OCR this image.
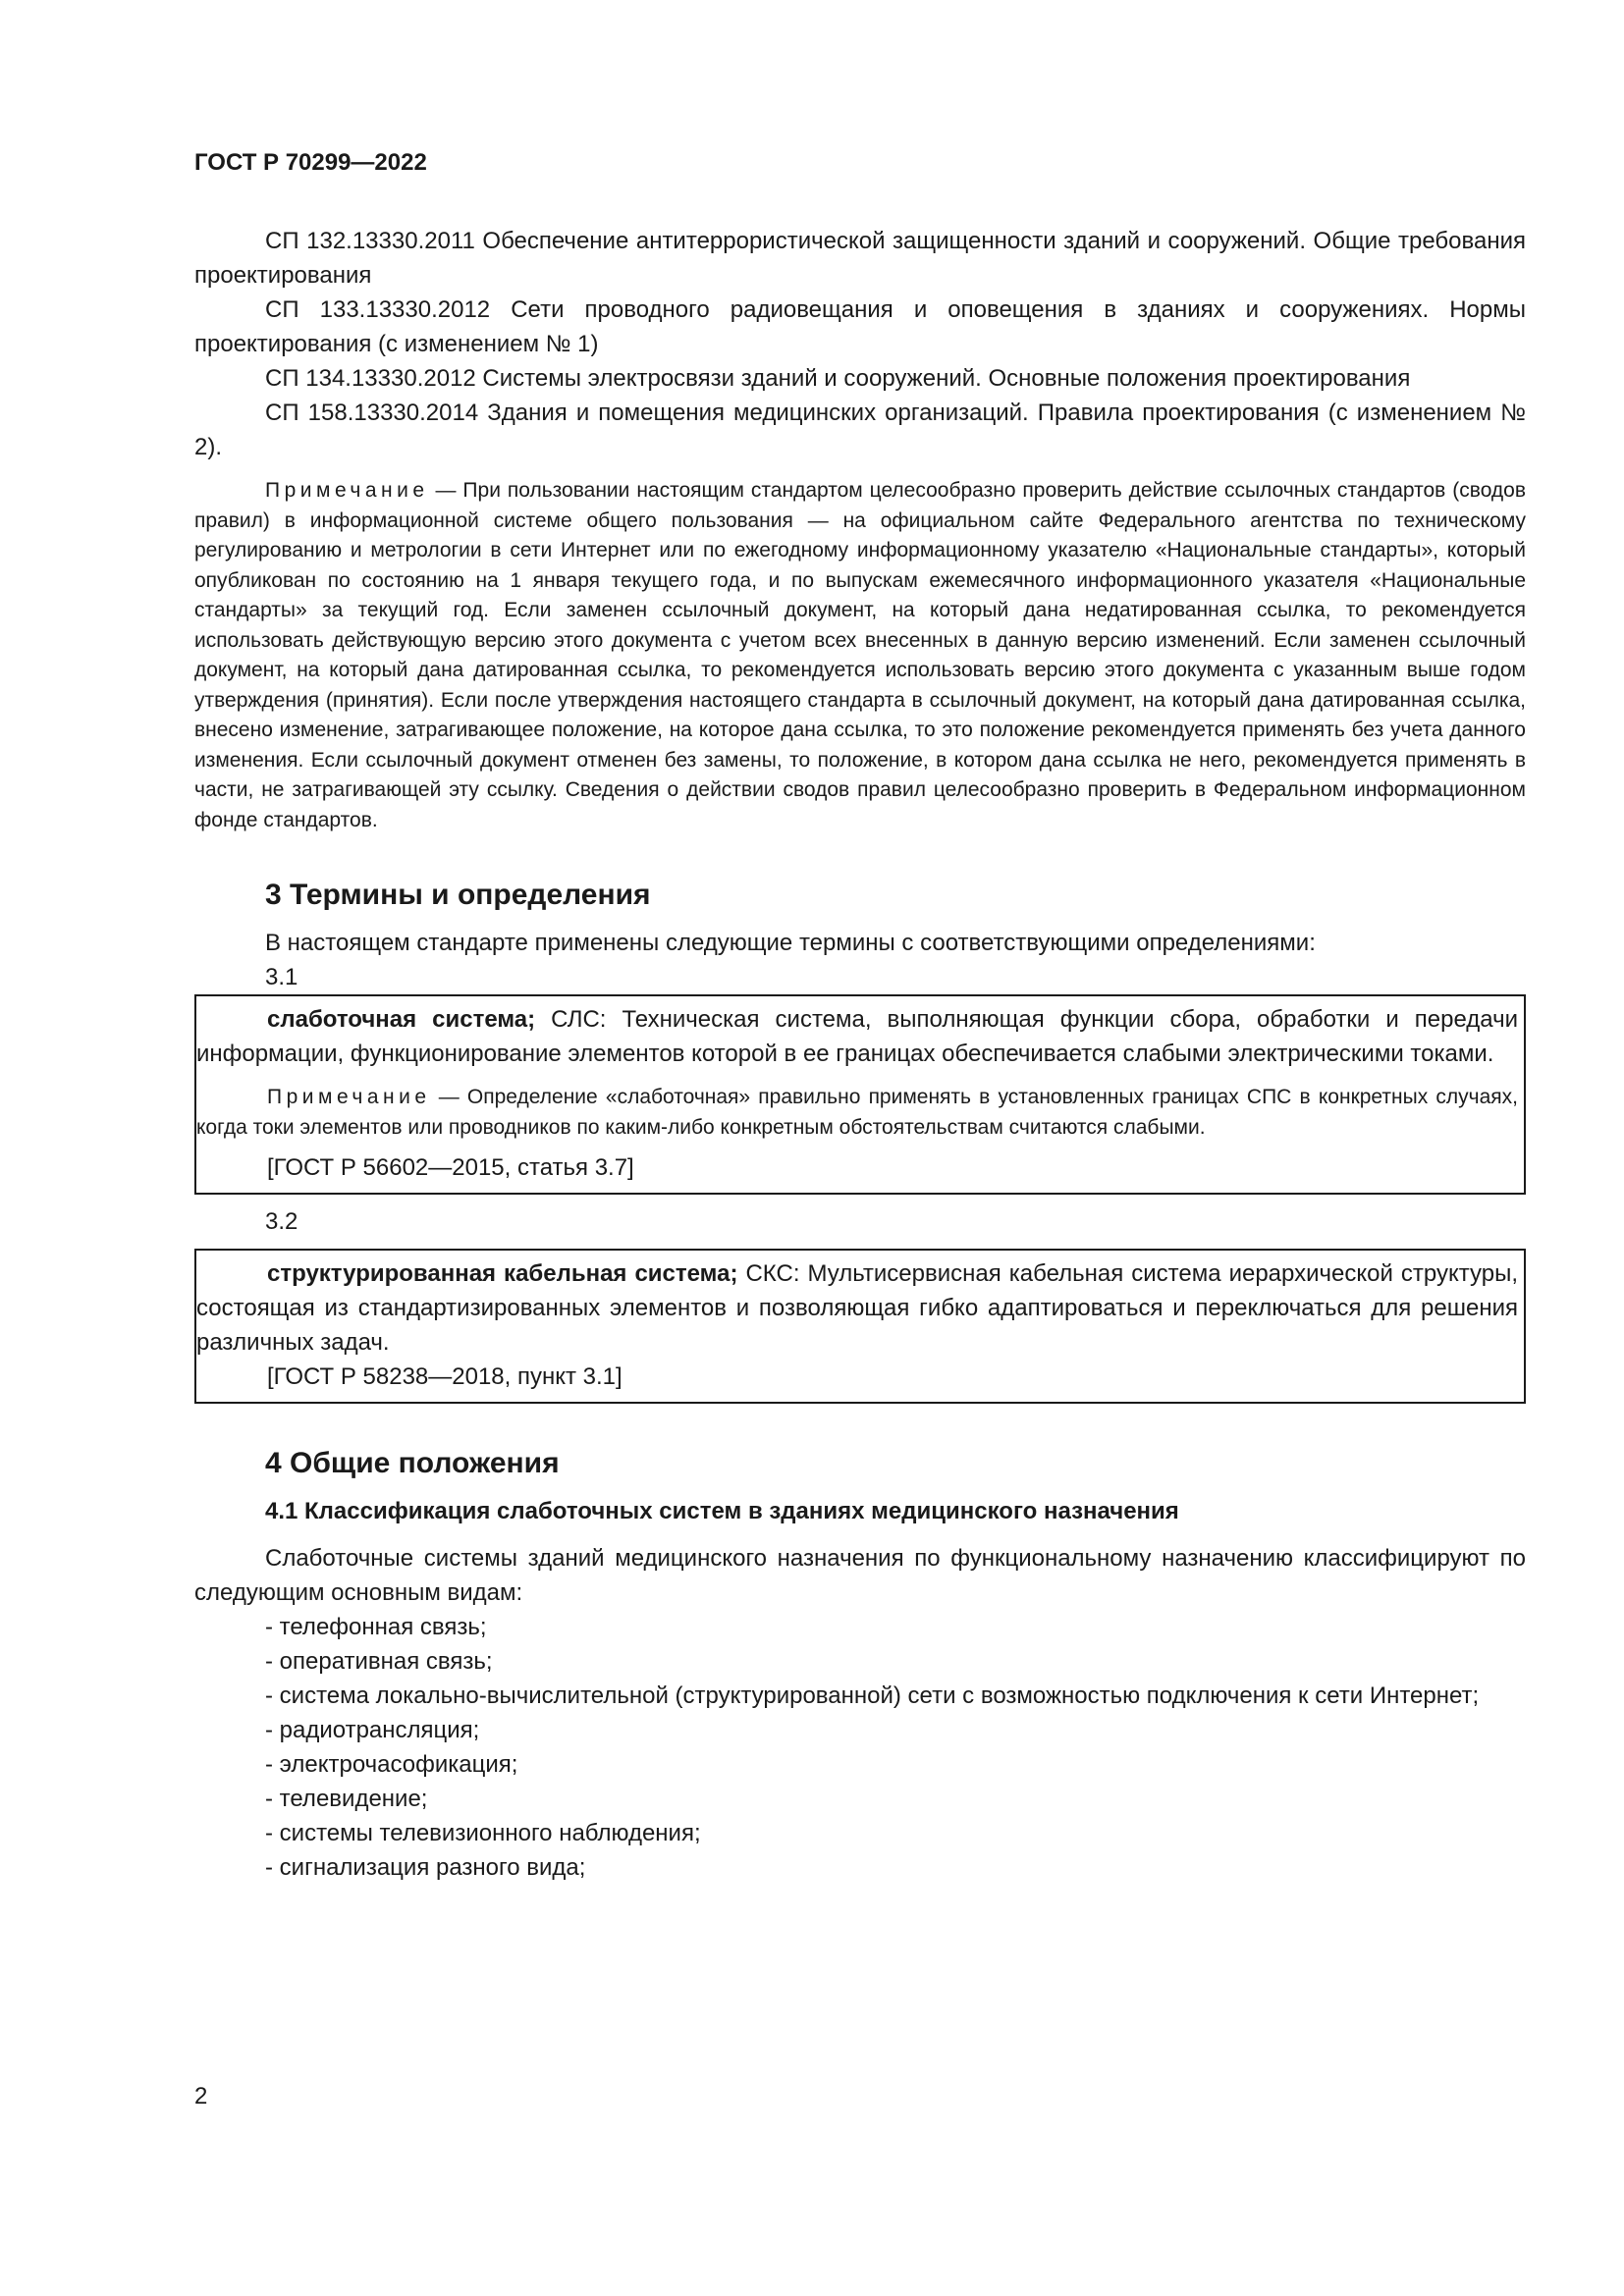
ГОСТ Р 70299—2022

СП 132.13330.2011 Обеспечение антитеррористической защищенности зданий и сооружений. Общие требования проектирования

СП 133.13330.2012 Сети проводного радиовещания и оповещения в зданиях и сооружениях. Нормы проектирования (с изменением № 1)

СП 134.13330.2012 Системы электросвязи зданий и сооружений. Основные положения проектирования

СП 158.13330.2014 Здания и помещения медицинских организаций. Правила проектирования (с изменением № 2).

Примечание — При пользовании настоящим стандартом целесообразно проверить действие ссылочных стандартов (сводов правил) в информационной системе общего пользования — на официальном сайте Федерального агентства по техническому регулированию и метрологии в сети Интернет или по ежегодному информационному указателю «Национальные стандарты», который опубликован по состоянию на 1 января текущего года, и по выпускам ежемесячного информационного указателя «Национальные стандарты» за текущий год. Если заменен ссылочный документ, на который дана недатированная ссылка, то рекомендуется использовать действующую версию этого документа с учетом всех внесенных в данную версию изменений. Если заменен ссылочный документ, на который дана датированная ссылка, то рекомендуется использовать версию этого документа с указанным выше годом утверждения (принятия). Если после утверждения настоящего стандарта в ссылочный документ, на который дана датированная ссылка, внесено изменение, затрагивающее положение, на которое дана ссылка, то это положение рекомендуется применять без учета данного изменения. Если ссылочный документ отменен без замены, то положение, в котором дана ссылка не него, рекомендуется применять в части, не затрагивающей эту ссылку. Сведения о действии сводов правил целесообразно проверить в Федеральном информационном фонде стандартов.

3 Термины и определения

В настоящем стандарте применены следующие термины с соответствующими определениями:

3.1

слаботочная система; СЛС: Техническая система, выполняющая функции сбора, обработки и передачи информации, функционирование элементов которой в ее границах обеспечивается слабыми электрическими токами.

Примечание — Определение «слаботочная» правильно применять в установленных границах СПС в конкретных случаях, когда токи элементов или проводников по каким-либо конкретным обстоятельствам считаются слабыми.

[ГОСТ Р 56602—2015, статья 3.7]

3.2

структурированная кабельная система; СКС: Мультисервисная кабельная система иерархической структуры, состоящая из стандартизированных элементов и позволяющая гибко адаптироваться и переключаться для решения различных задач.

[ГОСТ Р 58238—2018, пункт 3.1]

4 Общие положения
4.1 Классификация слаботочных систем в зданиях медицинского назначения

Слаботочные системы зданий медицинского назначения по функциональному назначению классифицируют по следующим основным видам:

- телефонная связь;

- оперативная связь;

- система локально-вычислительной (структурированной) сети с возможностью подключения к сети Интернет;

- радиотрансляция;

- электрочасофикация;

- телевидение;

- системы телевизионного наблюдения;

- сигнализация разного вида;

2
